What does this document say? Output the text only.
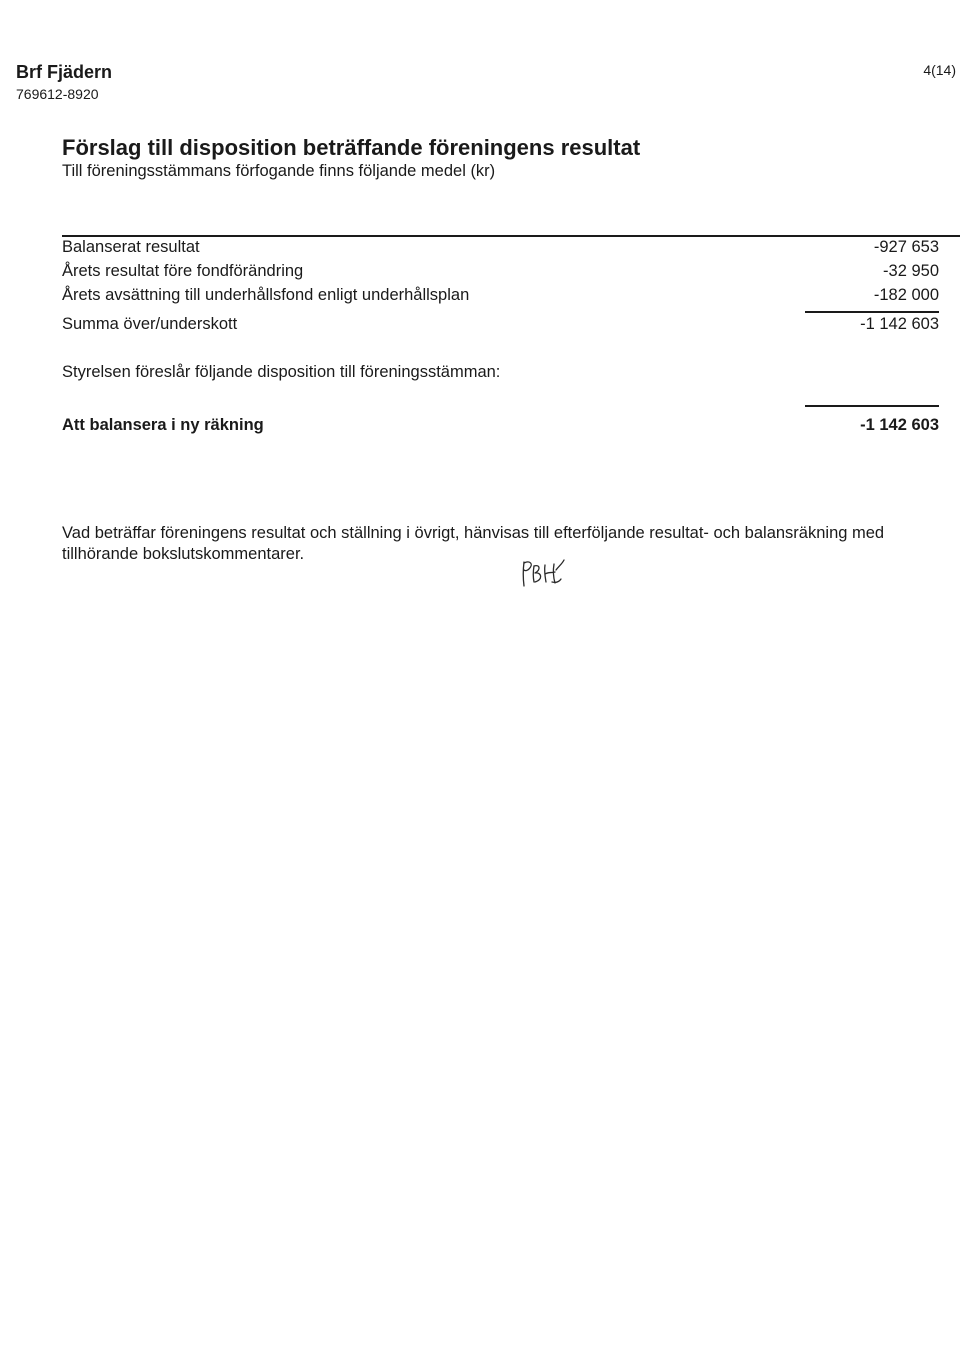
Brf Fjädern
769612-8920
4(14)
Förslag till disposition beträffande föreningens resultat
Till föreningsstämmans förfogande finns följande medel (kr)
Balanserat resultat	-927 653
Årets resultat före fondförändring	-32 950
Årets avsättning till underhållsfond enligt underhållsplan	-182 000
Summa över/underskott	-1 142 603
Styrelsen föreslår följande disposition till föreningsstämman:
Att balansera i ny räkning	-1 142 603
Vad beträffar föreningens resultat och ställning i övrigt, hänvisas till efterföljande resultat- och balansräkning med tillhörande bokslutskommentarer.
